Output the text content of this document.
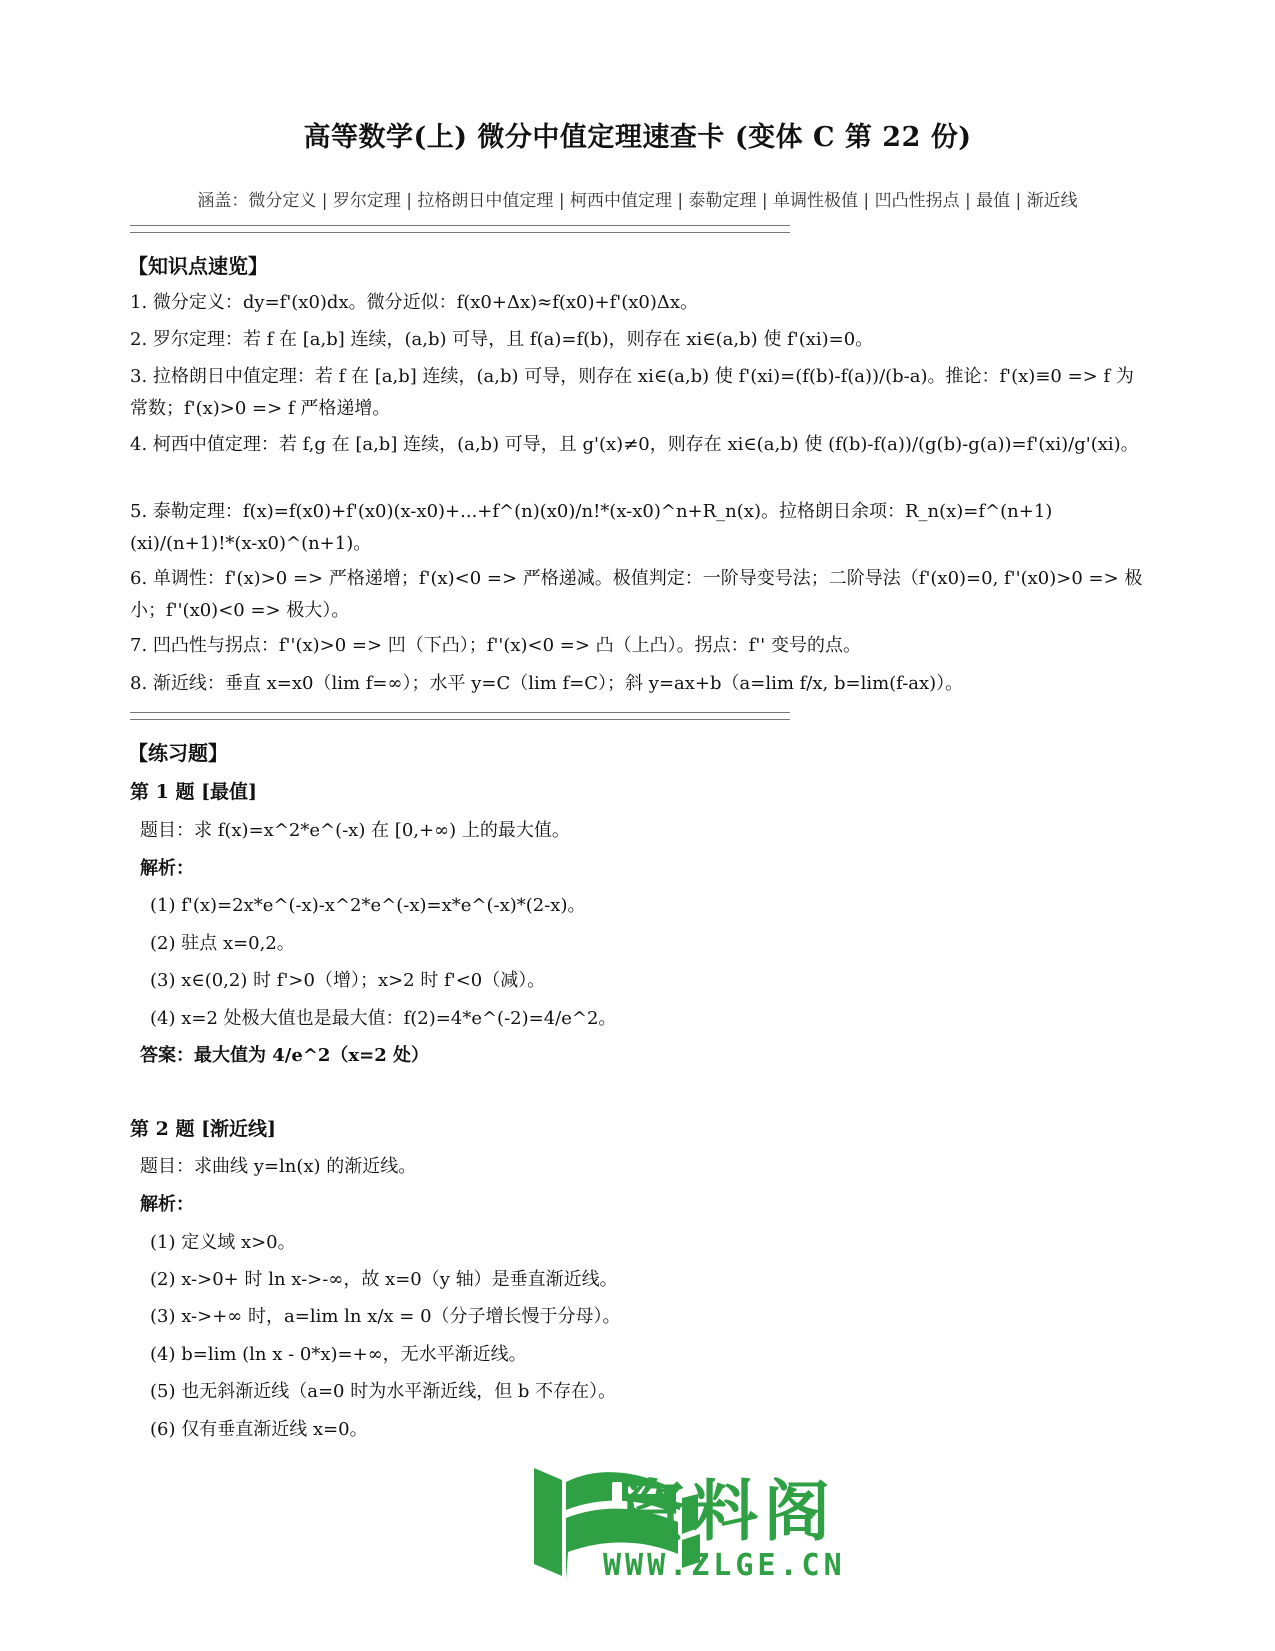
高等数学(上) 微分中值定理速查卡 (变体 C 第 22 份)
涵盖：微分定义 | 罗尔定理 | 拉格朗日中值定理 | 柯西中值定理 | 泰勒定理 | 单调性极值 | 凹凸性拐点 | 最值 | 渐近线
【知识点速览】
1. 微分定义：dy=f'(x0)dx。微分近似：f(x0+Δx)≈f(x0)+f'(x0)Δx。
2. 罗尔定理：若 f 在 [a,b] 连续，(a,b) 可导，且 f(a)=f(b)，则存在 xi∈(a,b) 使 f'(xi)=0。
3. 拉格朗日中值定理：若 f 在 [a,b] 连续，(a,b) 可导，则存在 xi∈(a,b) 使 f'(xi)=(f(b)-f(a))/(b-a)。推论：f'(x)≡0 => f 为常数；f'(x)>0 => f 严格递增。
4. 柯西中值定理：若 f,g 在 [a,b] 连续，(a,b) 可导，且 g'(x)≠0，则存在 xi∈(a,b) 使 (f(b)-f(a))/(g(b)-g(a))=f'(xi)/g'(xi)。
5. 泰勒定理：f(x)=f(x0)+f'(x0)(x-x0)+...+f^(n)(x0)/n!*(x-x0)^n+R_n(x)。拉格朗日余项：R_n(x)=f^(n+1)(xi)/(n+1)!*(x-x0)^(n+1)。
6. 单调性：f'(x)>0 => 严格递增；f'(x)<0 => 严格递减。极值判定：一阶导变号法；二阶导法（f'(x0)=0, f''(x0)>0 => 极小；f''(x0)<0 => 极大）。
7. 凹凸性与拐点：f''(x)>0 => 凹（下凸）；f''(x)<0 => 凸（上凸）。拐点：f'' 变号的点。
8. 渐近线：垂直 x=x0（lim f=∞）；水平 y=C（lim f=C）；斜 y=ax+b（a=lim f/x, b=lim(f-ax)）。
【练习题】
第 1 题 [最值]
题目：求 f(x)=x^2*e^(-x) 在 [0,+∞) 上的最大值。
解析：
(1) f'(x)=2x*e^(-x)-x^2*e^(-x)=x*e^(-x)*(2-x)。
(2) 驻点 x=0,2。
(3) x∈(0,2) 时 f'>0（增）；x>2 时 f'<0（减）。
(4) x=2 处极大值也是最大值：f(2)=4*e^(-2)=4/e^2。
答案：最大值为 4/e^2（x=2 处）
第 2 题 [渐近线]
题目：求曲线 y=ln(x) 的渐近线。
解析：
(1) 定义域 x>0。
(2) x->0+ 时 ln x->-∞，故 x=0（y 轴）是垂直渐近线。
(3) x->+∞ 时，a=lim ln x/x = 0（分子增长慢于分母）。
(4) b=lim (ln x - 0*x)=+∞，无水平渐近线。
(5) 也无斜渐近线（a=0 时为水平渐近线，但 b 不存在）。
(6) 仅有垂直渐近线 x=0。
资料阁
WWW.ZLGE.CN
